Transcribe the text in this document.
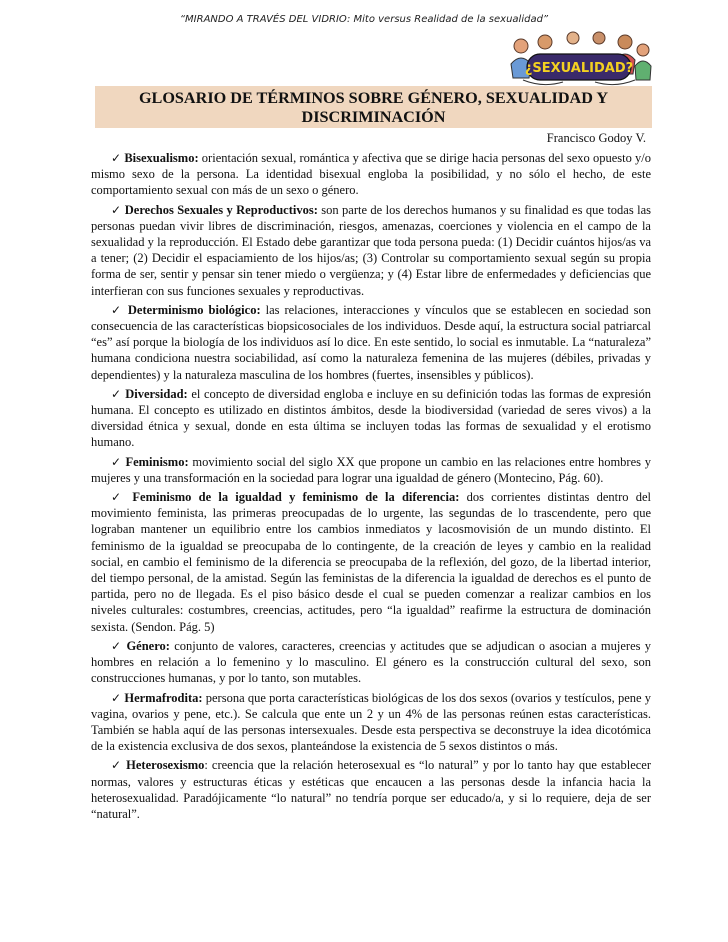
“MIRANDO A TRAVÉS DEL VIDRIO: Mito versus Realidad de la sexualidad”
¿SEXUALIDAD?
GLOSARIO DE TÉRMINOS SOBRE GÉNERO, SEXUALIDAD Y
DISCRIMINACIÓN
Francisco Godoy V.

✓ Bisexualismo: orientación sexual, romántica y afectiva que se dirige hacia personas del sexo opuesto y/o mismo sexo de la persona. La identidad bisexual engloba la posibilidad, y no sólo el hecho, de este comportamiento sexual con más de un sexo o género.

✓ Derechos Sexuales y Reproductivos: son parte de los derechos humanos y su finalidad es que todas las personas puedan vivir libres de discriminación, riesgos, amenazas, coerciones y violencia en el campo de la sexualidad y la reproducción. El Estado debe garantizar que toda persona pueda: (1) Decidir cuántos hijos/as va a tener; (2) Decidir el espaciamiento de los hijos/as; (3) Controlar su comportamiento sexual según su propia forma de ser, sentir y pensar sin tener miedo o vergüenza; y (4) Estar libre de enfermedades y deficiencias que interfieran con sus funciones sexuales y reproductivas.

✓ Determinismo biológico: las relaciones, interacciones y vínculos que se establecen en sociedad son consecuencia de las características biopsicosociales de los individuos. Desde aquí, la estructura social patriarcal “es” así porque la biología de los individuos así lo dice. En este sentido, lo social es inmutable. La “naturaleza” humana condiciona nuestra sociabilidad, así como la naturaleza femenina de las mujeres (débiles, privadas y dependientes) y la naturaleza masculina de los hombres (fuertes, insensibles y públicos).

✓ Diversidad: el concepto de diversidad engloba e incluye en su definición todas las formas de expresión humana. El concepto es utilizado en distintos ámbitos, desde la biodiversidad (variedad de seres vivos) a la diversidad étnica y sexual, donde en esta última se incluyen todas las formas de sexualidad y el erotismo humano.

✓ Feminismo: movimiento social del siglo XX que propone un cambio en las relaciones entre hombres y mujeres y una transformación en la sociedad para lograr una igualdad de género (Montecino, Pág. 60).

✓ Feminismo de la igualdad y feminismo de la diferencia: dos corrientes distintas dentro del movimiento feminista, las primeras preocupadas de lo urgente, las segundas de lo trascendente, pero que lograban mantener un equilibrio entre los cambios inmediatos y lacosmovisión de un mundo distinto. El feminismo de la igualdad se preocupaba de lo contingente, de la creación de leyes y cambio en la realidad social, en cambio el feminismo de la diferencia se preocupaba de la reflexión, del gozo, de la libertad interior, del tiempo personal, de la amistad. Según las feministas de la diferencia la igualdad de derechos es el punto de partida, pero no de llegada. Es el piso básico desde el cual se pueden comenzar a realizar cambios en los niveles culturales: costumbres, creencias, actitudes, pero “la igualdad” reafirme la estructura de dominación sexista. (Sendon. Pág. 5)

✓ Género: conjunto de valores, caracteres, creencias y actitudes que se adjudican o asocian a mujeres y hombres en relación a lo femenino y lo masculino. El género es la construcción cultural del sexo, son construcciones humanas, y por lo tanto, son mutables.

✓ Hermafrodita: persona que porta características biológicas de los dos sexos (ovarios y testículos, pene y vagina, ovarios y pene, etc.). Se calcula que ente un 2 y un 4% de las personas reúnen estas características. También se habla aquí de las personas intersexuales. Desde esta perspectiva se deconstruye la idea dicotómica de la existencia exclusiva de dos sexos, planteándose la existencia de 5 sexos distintos o más.

✓ Heterosexismo: creencia que la relación heterosexual es “lo natural” y por lo tanto hay que establecer normas, valores y estructuras éticas y estéticas que encaucen a las personas desde la infancia hacia la heterosexualidad. Paradójicamente “lo natural” no tendría porque ser educado/a, y si lo requiere, deja de ser “natural”.
